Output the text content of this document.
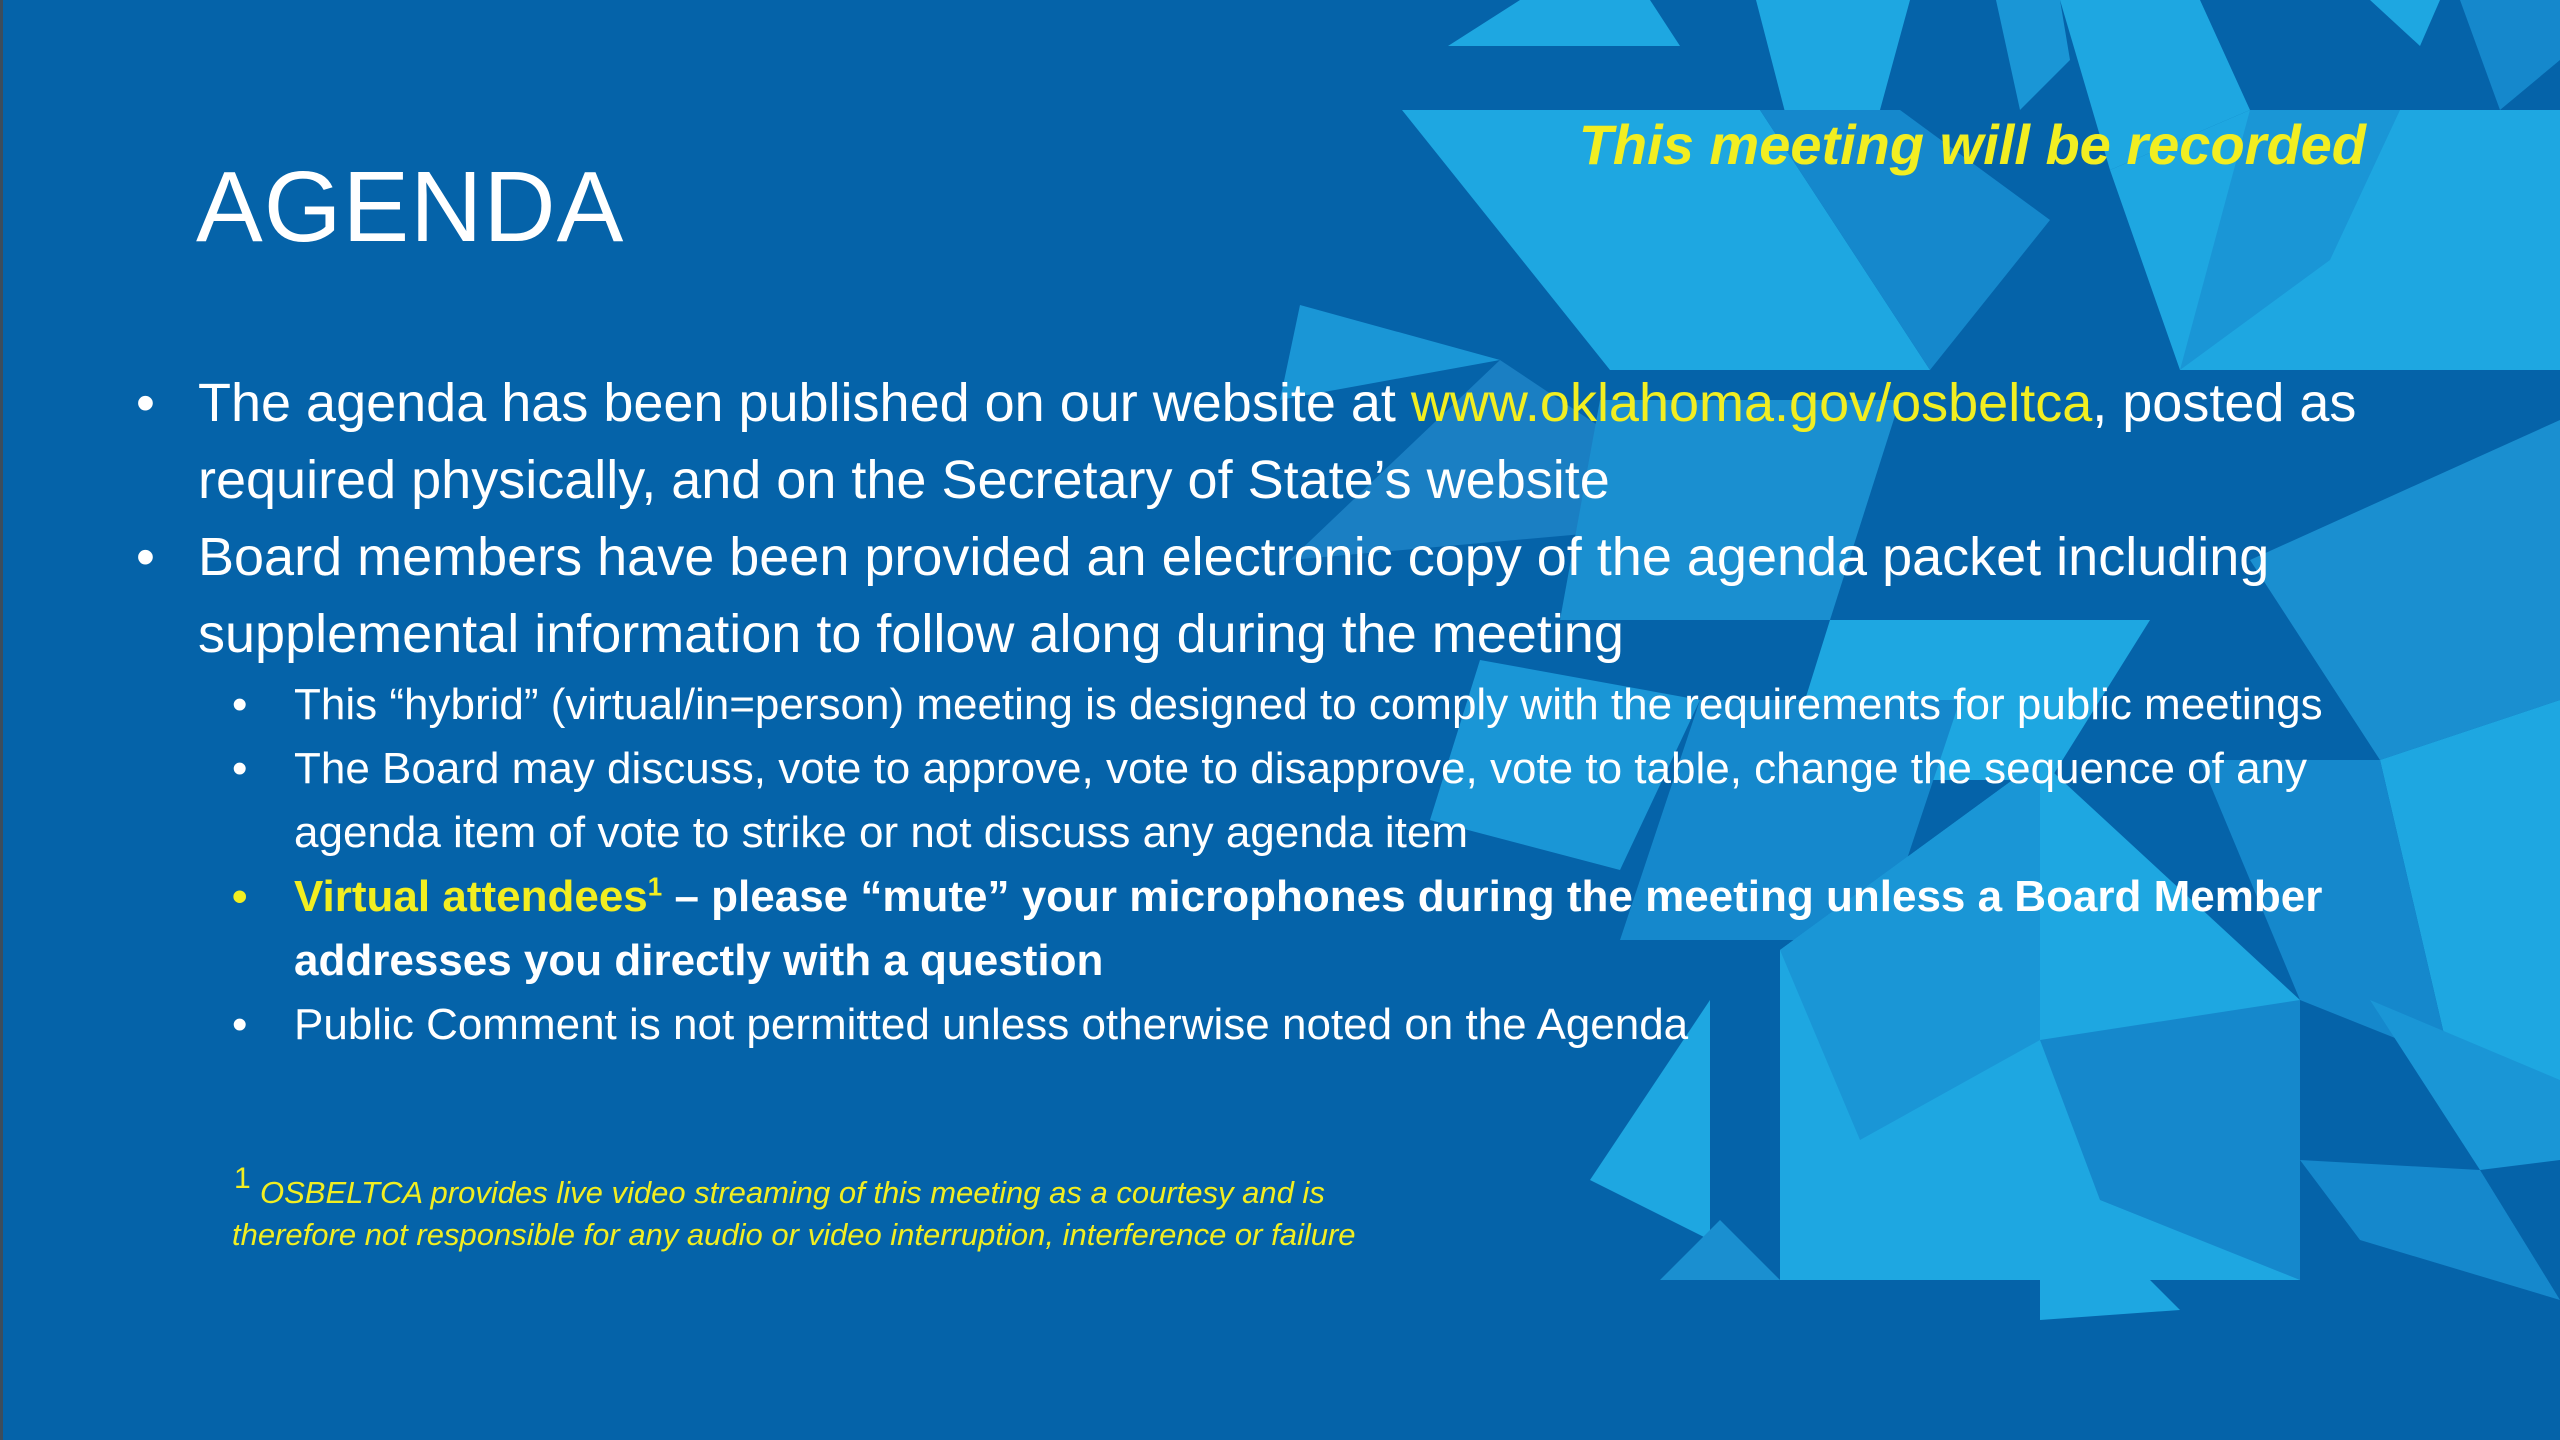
This meeting will be recorded
AGENDA

• The agenda has been published on our website at www.oklahoma.gov/osbeltca, posted as required physically, and on the Secretary of State’s website

• Board members have been provided an electronic copy of the agenda packet including supplemental information to follow along during the meeting

• This “hybrid” (virtual/in=person) meeting is designed to comply with the requirements for public meetings

• The Board may discuss, vote to approve, vote to disapprove, vote to table, change the sequence of any agenda item of vote to strike or not discuss any agenda item

• Virtual attendees$^1$ – please “mute” your microphones during the meeting unless a Board Member addresses you directly with a question

• Public Comment is not permitted unless otherwise noted on the Agenda

1 OSBELTCA provides live video streaming of this meeting as a courtesy and is
therefore not responsible for any audio or video interruption, interference or failure
